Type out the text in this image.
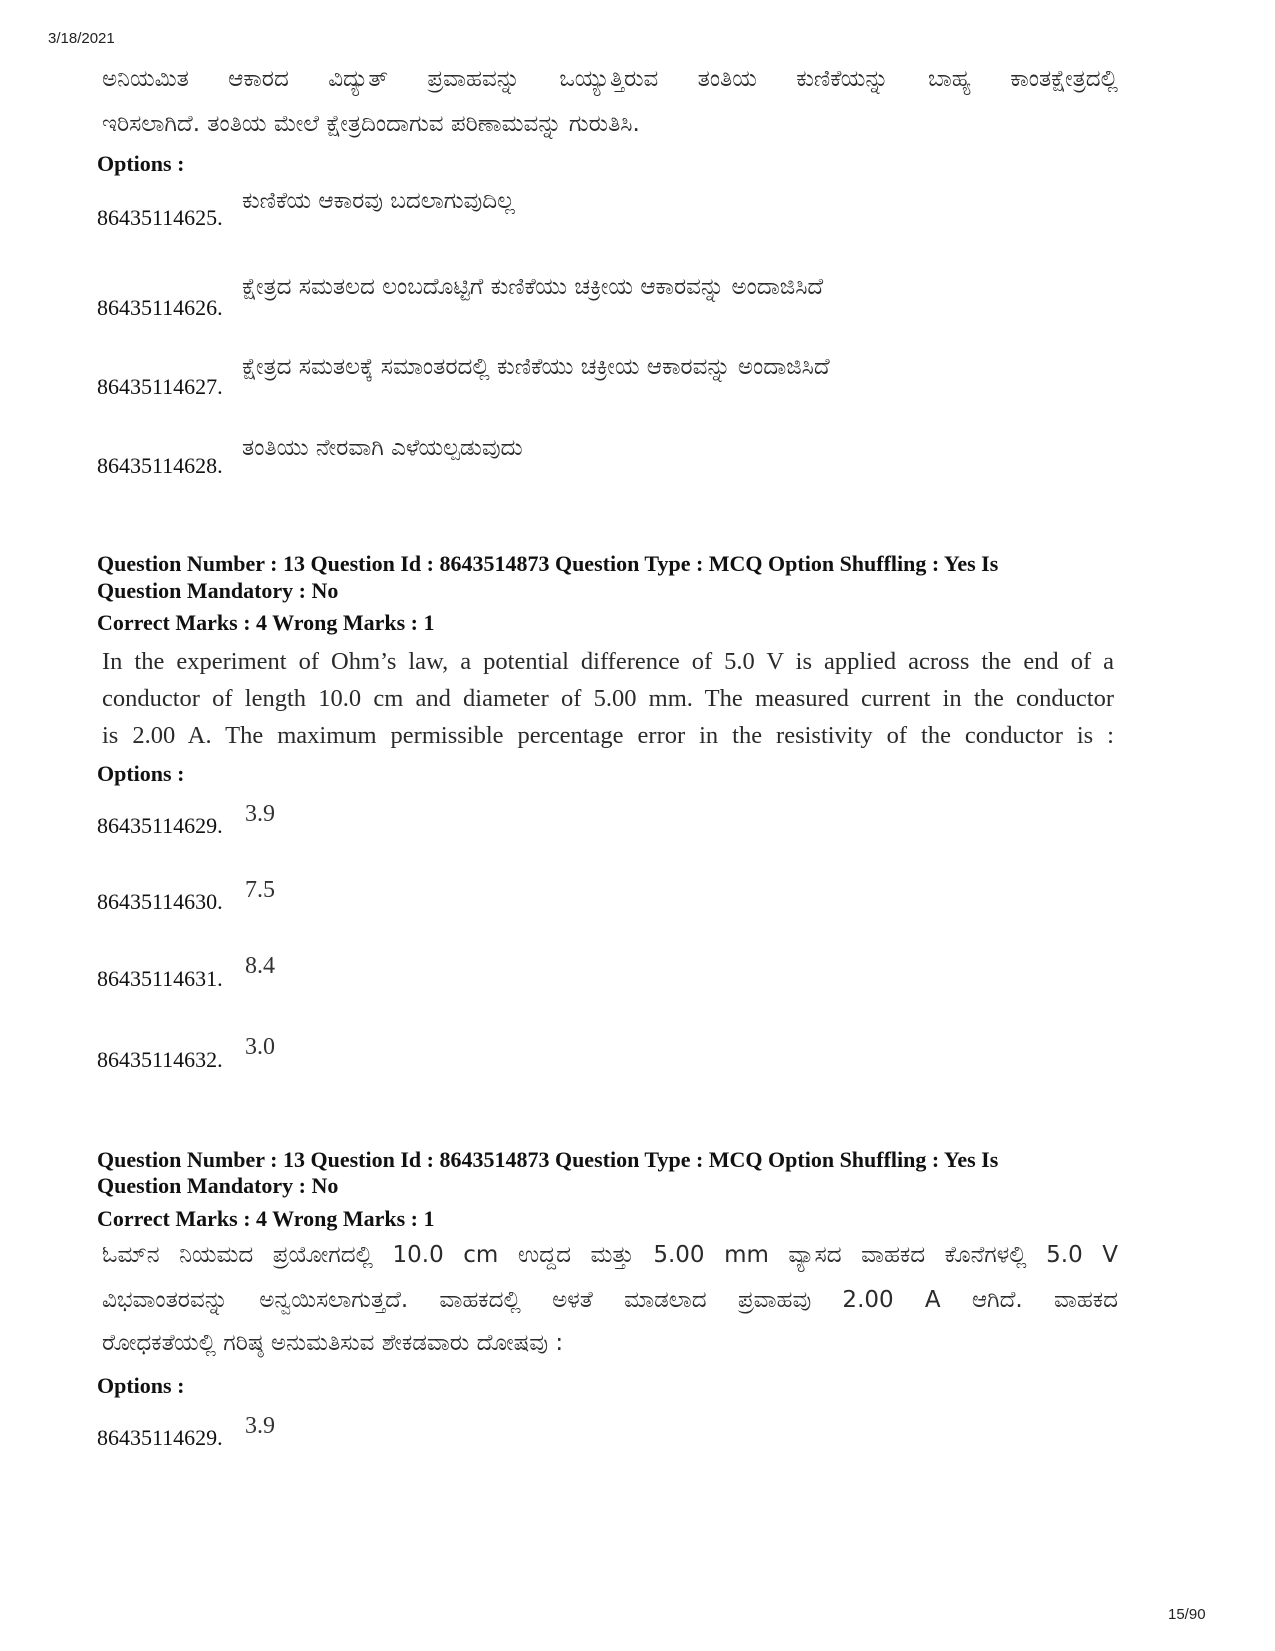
3/18/2021
ಅನಿಯಮಿತ ಆಕಾರದ ವಿದ್ಯುತ್ ಪ್ರವಾಹವನ್ನು ಒಯ್ಯುತ್ತಿರುವ ತಂತಿಯ ಕುಣಿಕೆಯನ್ನು ಬಾಹ್ಯ ಕಾಂತಕ್ಷೇತ್ರದಲ್ಲಿ
ಇರಿಸಲಾಗಿದೆ. ತಂತಿಯ ಮೇಲೆ ಕ್ಷೇತ್ರದಿಂದಾಗುವ ಪರಿಣಾಮವನ್ನು ಗುರುತಿಸಿ.
Options :
86435114625.
ಕುಣಿಕೆಯ ಆಕಾರವು ಬದಲಾಗುವುದಿಲ್ಲ
86435114626.
ಕ್ಷೇತ್ರದ ಸಮತಲದ ಲಂಬದೊಟ್ಟಿಗೆ ಕುಣಿಕೆಯು ಚಕ್ರೀಯ ಆಕಾರವನ್ನು ಅಂದಾಜಿಸಿದೆ
86435114627.
ಕ್ಷೇತ್ರದ ಸಮತಲಕ್ಕೆ ಸಮಾಂತರದಲ್ಲಿ ಕುಣಿಕೆಯು ಚಕ್ರೀಯ ಆಕಾರವನ್ನು ಅಂದಾಜಿಸಿದೆ
86435114628.
ತಂತಿಯು ನೇರವಾಗಿ ಎಳೆಯಲ್ಪಡುವುದು
Question Number : 13 Question Id : 8643514873 Question Type : MCQ Option Shuffling : Yes Is
Question Mandatory : No
Correct Marks : 4 Wrong Marks : 1
In the experiment of Ohm’s law, a potential difference of 5.0 V is applied across the end of a
conductor of length 10.0 cm and diameter of 5.00 mm. The measured current in the conductor
is 2.00 A. The maximum permissible percentage error in the resistivity of the conductor is :
Options :
86435114629. 3.9
86435114630. 7.5
86435114631. 8.4
86435114632. 3.0
Question Number : 13 Question Id : 8643514873 Question Type : MCQ Option Shuffling : Yes Is
Question Mandatory : No
Correct Marks : 4 Wrong Marks : 1
ಓಮ್‌ನ ನಿಯಮದ ಪ್ರಯೋಗದಲ್ಲಿ 10.0 cm ಉದ್ದದ ಮತ್ತು 5.00 mm ವ್ಯಾಸದ ವಾಹಕದ ಕೊನೆಗಳಲ್ಲಿ 5.0 V
ವಿಭವಾಂತರವನ್ನು ಅನ್ವಯಿಸಲಾಗುತ್ತದೆ. ವಾಹಕದಲ್ಲಿ ಅಳತೆ ಮಾಡಲಾದ ಪ್ರವಾಹವು 2.00 A ಆಗಿದೆ. ವಾಹಕದ
ರೋಧಕತೆಯಲ್ಲಿ ಗರಿಷ್ಠ ಅನುಮತಿಸುವ ಶೇಕಡವಾರು ದೋಷವು :
Options :
86435114629. 3.9
15/90
